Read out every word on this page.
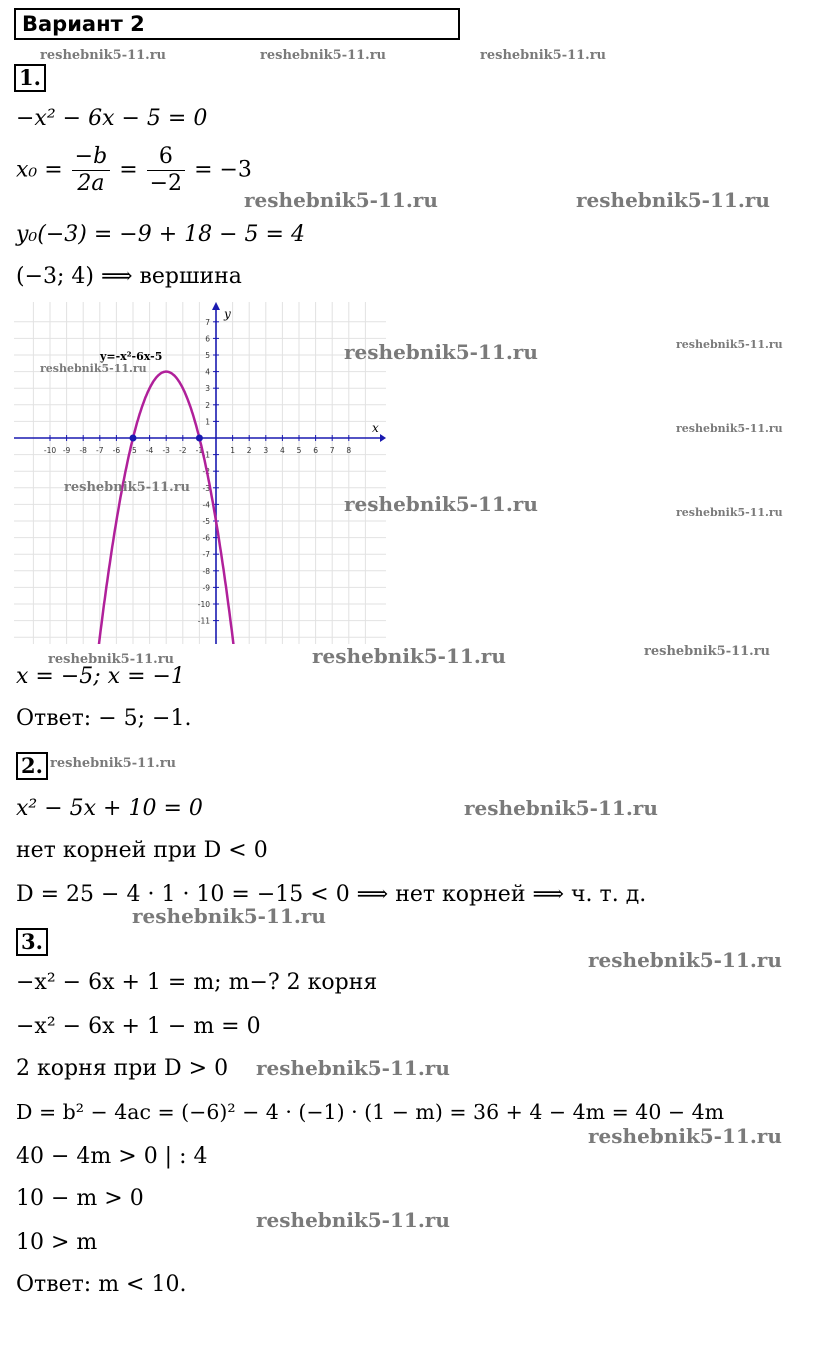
Вариант 2
1.
−x² − 6x − 5 = 0
$x_0 = \frac{-b}{2a} = \frac{6}{-2} = -3$
y₀(−3) = −9 + 18 − 5 = 4
(−3; 4) ⟹ вершина
-10 -9 -8 -7 -6 -5 -4 -3 -2 -1	1 2 3 4 5 6 7 8
7
6
5
4
3
2
1
-1
-2
-3
-4
-5
-6
-7
-8
-9
-10
-11
y=-x²-6x-5
x
y
x = −5; x = −1
Ответ: − 5; −1.
2.
x² − 5x + 10 = 0
нет корней при D < 0
D = 25 − 4 · 1 · 10 = −15 < 0 ⟹ нет корней ⟹ ч. т. д.
3.
−x² − 6x + 1 = m; m−? 2 корня
−x² − 6x + 1 − m = 0
2 корня при D > 0
D = b² − 4ac = (−6)² − 4 · (−1) · (1 − m) = 36 + 4 − 4m = 40 − 4m
40 − 4m > 0 | : 4
10 − m > 0
10 > m
Ответ: m < 10.
reshebnik5-11.ru	reshebnik5-11.ru	reshebnik5-11.ru
reshebnik5-11.ru	reshebnik5-11.ru
reshebnik5-11.ru	reshebnik5-11.ru
reshebnik5-11.ru
reshebnik5-11.ru
reshebnik5-11.ru
reshebnik5-11.ru	reshebnik5-11.ru
reshebnik5-11.ru	reshebnik5-11.ru	reshebnik5-11.ru
reshebnik5-11.ru
reshebnik5-11.ru
reshebnik5-11.ru
reshebnik5-11.ru
reshebnik5-11.ru
reshebnik5-11.ru
reshebnik5-11.ru
